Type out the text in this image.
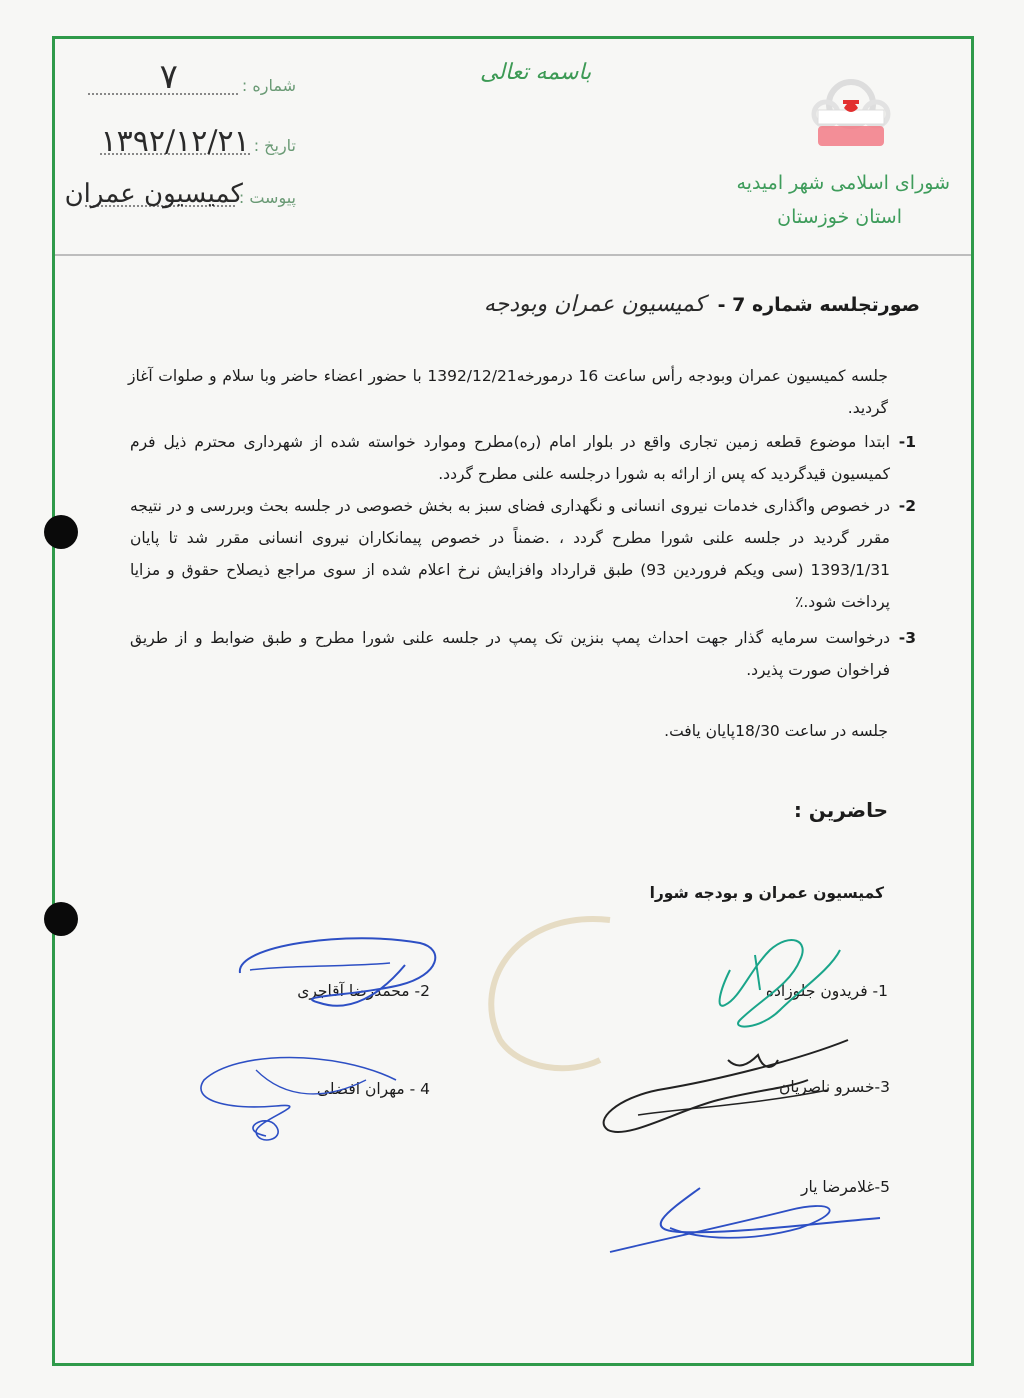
باسمه تعالی
شورای اسلامی شهر امیدیه
استان خوزستان
شماره :
۷
تاریخ :
۱۳۹۲/۱۲/۲۱
پیوست :
کمیسیون عمران
صورتجلسه شماره 7 - کمیسیون عمران وبودجه
جلسه کمیسیون عمران وبودجه رأس ساعت 16 درمورخه1392/12/21 با حضور اعضاء حاضر وبا سلام و صلوات آغاز گردید.
1-
ابتدا موضوع قطعه زمین تجاری واقع در بلوار امام (ره)مطرح وموارد خواسته شده از شهرداری محترم ذیل فرم کمیسیون قیدگردید که پس از ارائه به شورا درجلسه علنی مطرح گردد.
2-
در خصوص واگذاری خدمات نیروی انسانی و نگهداری فضای سبز به بخش خصوصی در جلسه بحث وبررسی و در نتیجه مقرر گردید در جلسه علنی شورا مطرح گردد ، .ضمناً در خصوص پیمانکاران نیروی انسانی مقرر شد تا پایان 1393/1/31 (سی ویکم فروردین 93) طبق قرارداد وافزایش نرخ اعلام شده از سوی مراجع ذیصلاح حقوق و مزایا پرداخت شود.٪
3-
درخواست سرمایه گذار جهت احداث پمپ بنزین تک پمپ در جلسه علنی شورا مطرح و طبق ضوابط و از طریق فراخوان صورت پذیرد.
جلسه در ساعت 18/30پایان یافت.
حاضرین :
کمیسیون عمران و بودجه شورا
1- فریدون جلوزاده
2- محمدرضا آقاجری
3-خسرو ناصریان
4 - مهران افضلی
5-غلامرضا یار
